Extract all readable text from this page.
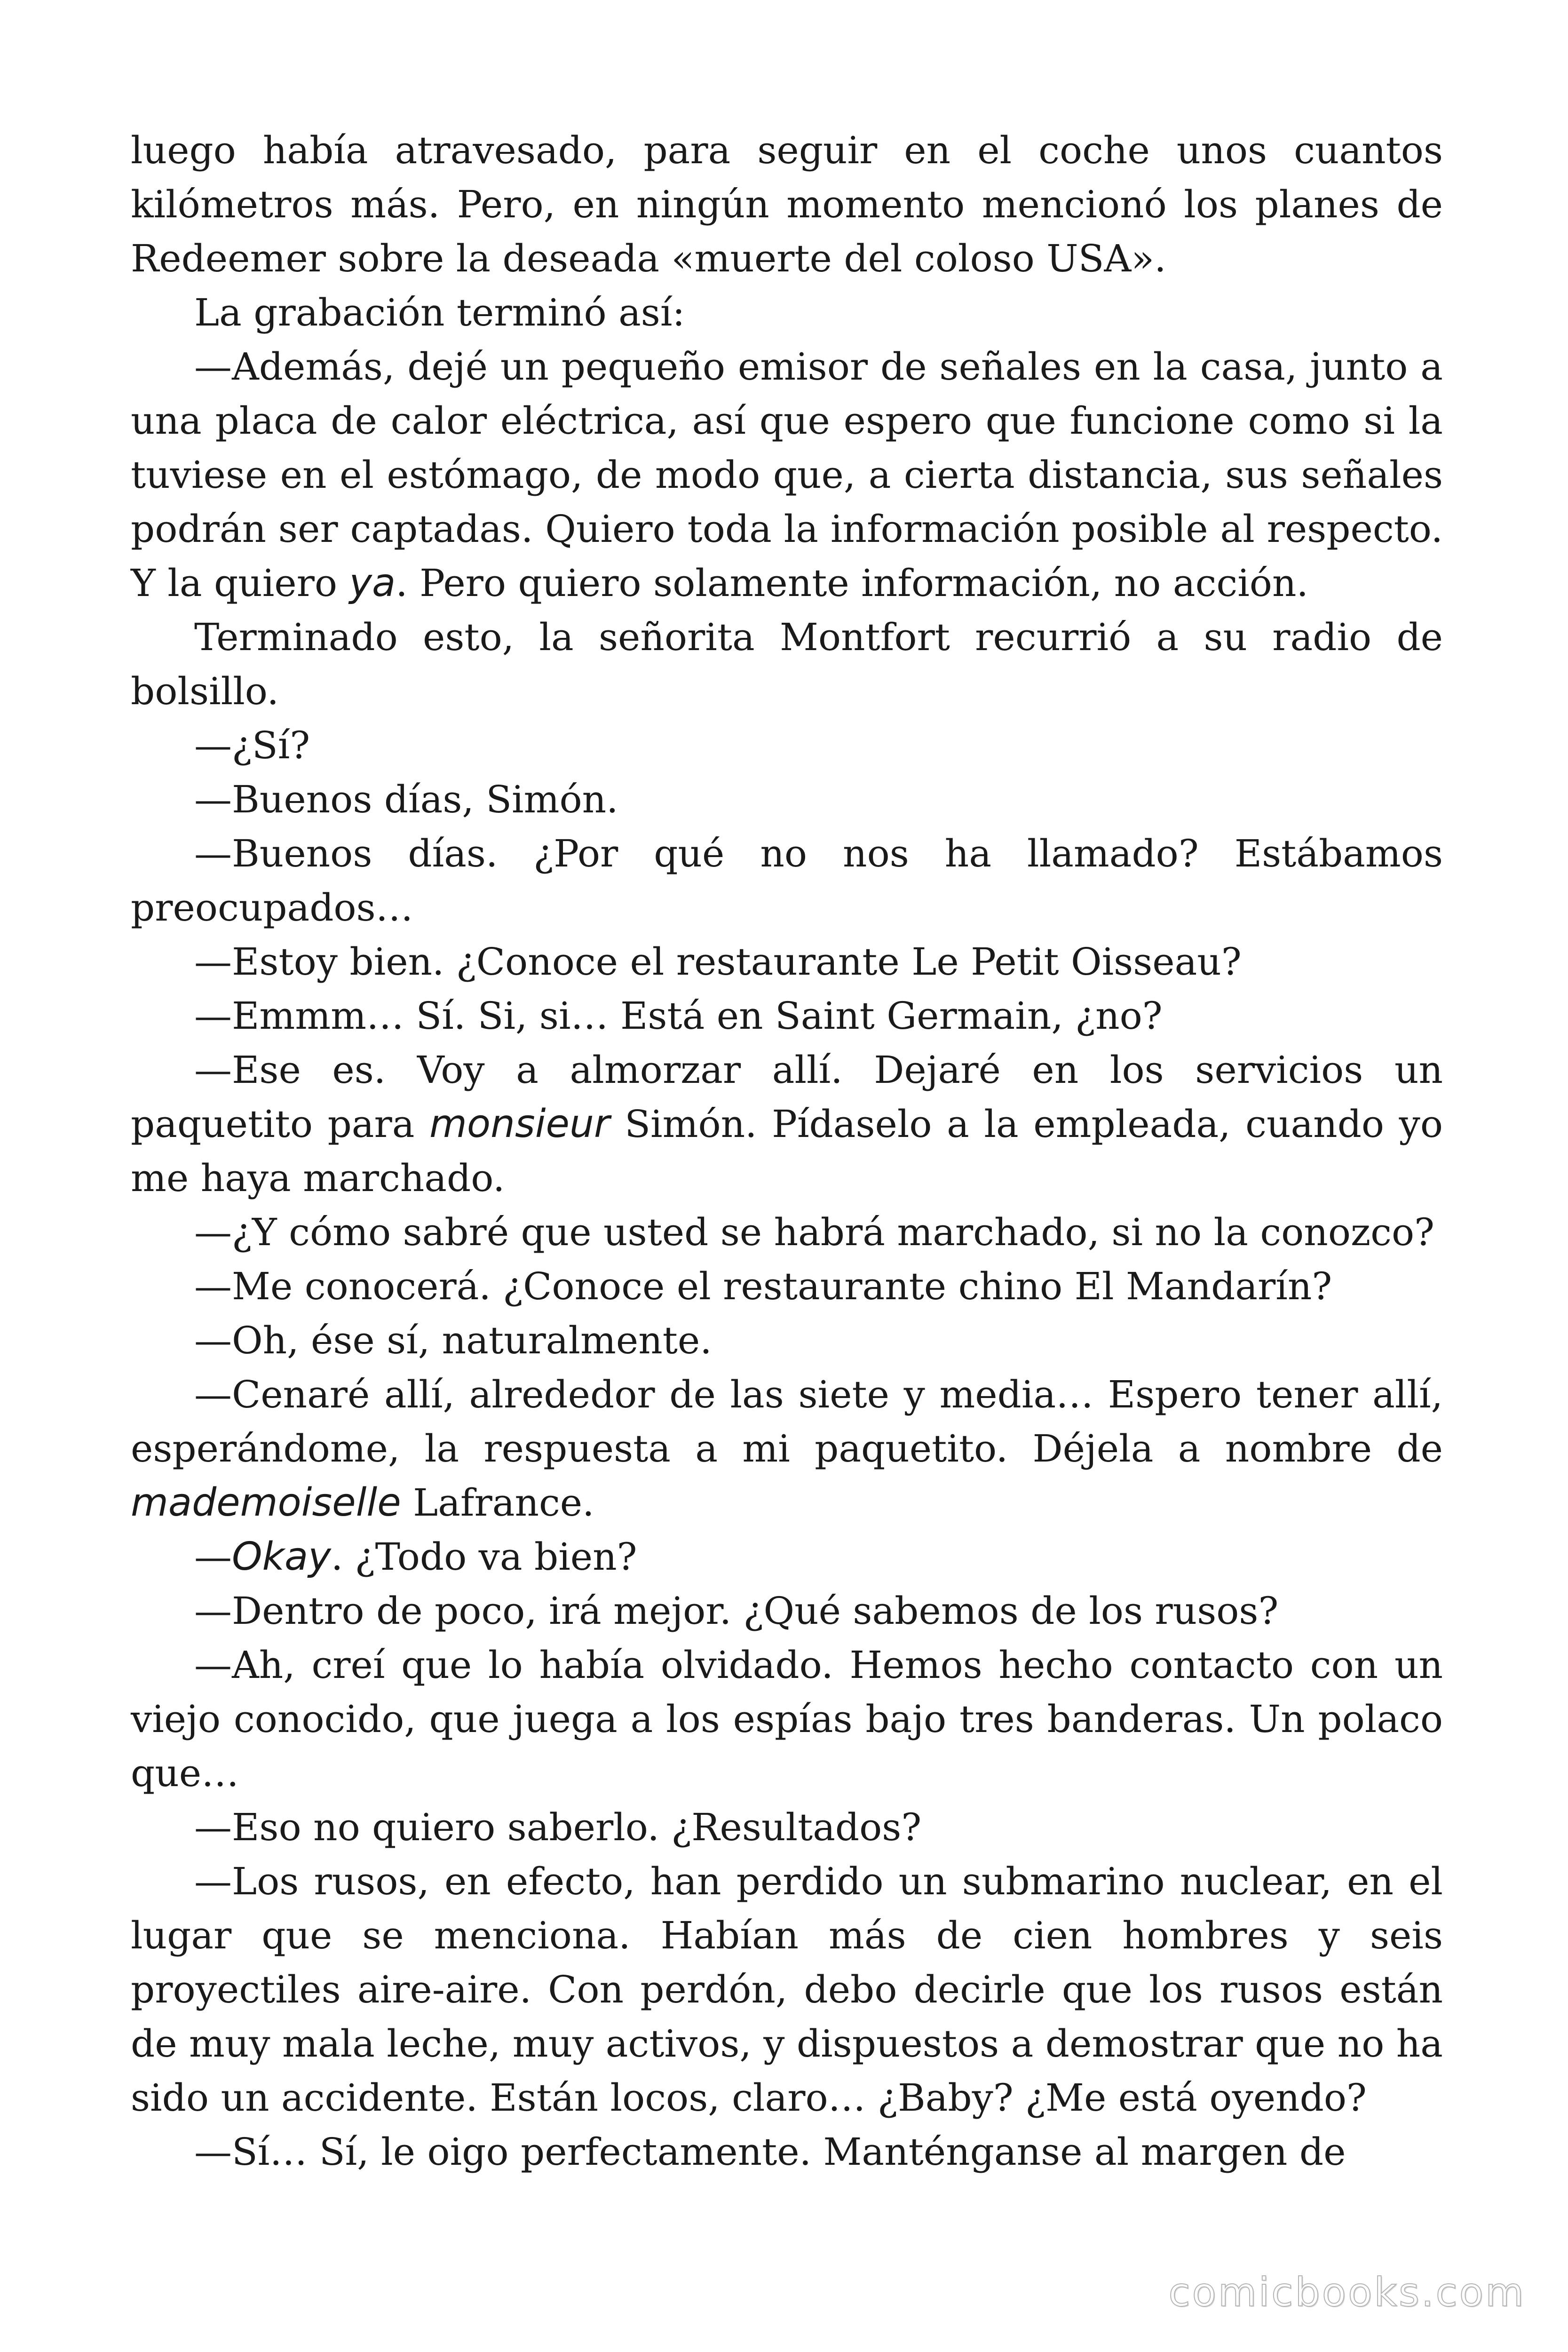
luego había atravesado, para seguir en el coche unos cuantos kilómetros más. Pero, en ningún momento mencionó los planes de Redeemer sobre la deseada «muerte del coloso USA».

La grabación terminó así:

—Además, dejé un pequeño emisor de señales en la casa, junto a una placa de calor eléctrica, así que espero que funcione como si la tuviese en el estómago, de modo que, a cierta distancia, sus señales podrán ser captadas. Quiero toda la información posible al respecto. Y la quiero ya. Pero quiero solamente información, no acción.

Terminado esto, la señorita Montfort recurrió a su radio de bolsillo.

—¿Sí?

—Buenos días, Simón.

—Buenos días. ¿Por qué no nos ha llamado? Estábamos preocupados…

—Estoy bien. ¿Conoce el restaurante Le Petit Oisseau?

—Emmm… Sí. Si, si… Está en Saint Germain, ¿no?

—Ese es. Voy a almorzar allí. Dejaré en los servicios un paquetito para monsieur Simón. Pídaselo a la empleada, cuando yo me haya marchado.

—¿Y cómo sabré que usted se habrá marchado, si no la conozco?

—Me conocerá. ¿Conoce el restaurante chino El Mandarín?

—Oh, ése sí, naturalmente.

—Cenaré allí, alrededor de las siete y media… Espero tener allí, esperándome, la respuesta a mi paquetito. Déjela a nombre de mademoiselle Lafrance.

—Okay. ¿Todo va bien?

—Dentro de poco, irá mejor. ¿Qué sabemos de los rusos?

—Ah, creí que lo había olvidado. Hemos hecho contacto con un viejo conocido, que juega a los espías bajo tres banderas. Un polaco que…

—Eso no quiero saberlo. ¿Resultados?

—Los rusos, en efecto, han perdido un submarino nuclear, en el lugar que se menciona. Habían más de cien hombres y seis proyectiles aire-aire. Con perdón, debo decirle que los rusos están de muy mala leche, muy activos, y dispuestos a demostrar que no ha sido un accidente. Están locos, claro… ¿Baby? ¿Me está oyendo?

—Sí… Sí, le oigo perfectamente. Manténganse al margen de

comicbooks.com
